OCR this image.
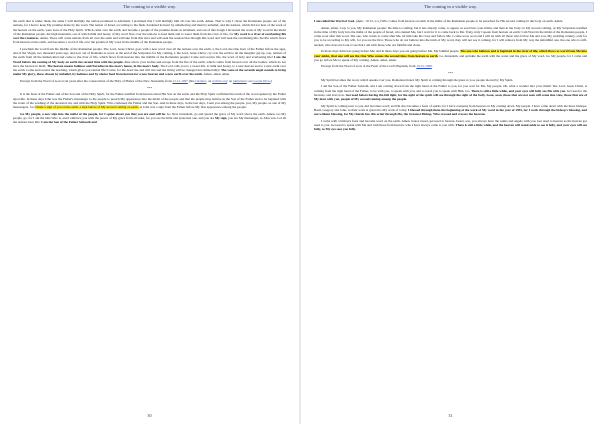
The coming in a visible way.

the earth that is under them, the same I will multiply the nation promised to Abraham; I promised that I will multiply him all over the earth. Amen. That is why I chose the Romanian people out of the nations, for I had to keep My promise made by the word. The nation of Israel, according to the flesh, hardened its heart by unbelieving and then by unbelief, and the nations, which did not hear of the work of the heaven on the earth, were born of the Holy Spirit. Which came over the earth, and became a people of the promise made on Abraham, and out of this dough I increased the work of My word in the midst of the Romanian people, the high mountain, out of which milk and honey of My word flow over the nations to feed them and to water them from the river of life, for My word is a river of everlasting life over the creatures. Amen. There will come nations from all over the earth and will take from this river and will seek the resurrection through this word and will seek the everlasting life, the life which flows from heaven on the earth, and becomes a word of life over the garden of My word in the middle of the Romanian people.

I proclaim the word from the middle of the Romanian people. The Lord, Jesus Christ, goes with a new word over all the nations over the earth, I, the Lord, the One born of the Father before the ages, and of the Virgin, two thousand years ago, and now out of Romania as word, at the end of the Scriptures for My coming, I, the Lord, Jesus Christ, cry over the earth to all the margins: get up, you, nations of the earth from all the human kind and come to the river of life, which flows from heaven into the middle of the Romanian people! Come and receive life, the word of holy and everlasting life! I am the Word before the coming of My body on earth the second time with the people. Rise above your bodies and escape from the fire of the earth, which comes from heaven over all the bodies, which do not have the heaven in them. The heaven means holiness and Paradise in the man's house, in the man's body. The Lord calls you to a sweet life, to milk and honey, to a new heaven and to a new earth over the earth. Come and receive the teaching, which gives you eternal life! Come, for the dead rise and will rise and the living will be changed into immortality! The voice of the seventh angel sounds to bring under My glory, those chosen by unbelief, by holiness and by choice food from heaven for a new heaven and a new earth over the earth. Amen, amen, amen.

Excerpt from the Word of God at six years after the consecration of the Holy of Holies of the New Jerusalem, from 12-12-1997 (On Calameo, on archive.org; on jumpshare; on Google Drive)

***

It is the feast of the Father and of the Son and of the Holy Spirit, for the Father testified from heaven about His Son on the earth, and the Holy Spirit confirmed the truth of the word spoken by the Father upon Me. In these days John was the Father's messenger to the people to preach My appearance into the midst of the people and that the people may believe in the Son of the Father and to be baptized with the water of the washing of the ancestral sin, and with the Holy Spirit. Who confessed the Father and the Son. And in these days, in the last days, I sent you among the people, you, My people, as one of My messengers, for I made a sign of you on the earth, a sign before of My second coming on earth, as John was a sign from the Father before My first appearance among the people.

Go My people, a new sign into the midst of the people, for I spoke about you that you are and will be. Go New Jerusalem, go and spread the grace of My word above the earth. Amen. Go My people, go, for I am the One Who is, and I embrace you with the power of My grace from all sides, for you are the little and protected one, and you are My sign, you are My messenger, as John was. Let all the nations hear this: I am the Son of the Father Sabaoth and

30
The coming in a visible way.

I am called the Word of God. (Apoc. 19:13, n.n.) Who comes from heaven on earth in the midst of the Romanian people to be preached for His second coming in the body on earth. Amen.

Amen, amen, I say to you, My Romanian people: the time is coming, but it has already come, to appear as word into your midst, and then in the body on My second coming, as My Scriptures testified in the time of My body into the midst of the people of Israel, who denied Me, but I wait for it to come back to Me. Truly, truly I speak from heaven on earth: I am Word in the midst of the Romanian people. I come soon after this word. The one, who wants to come after Me, let him take his cross and follow Me. I come soon, soon and I will be with all those who follow Me and you, My wedding century, only for you to be according to My will, for you are the first. Those who do not believe into the truth of My word, they will not see it coming, for I will remove from My way the unfaithful one, the one who is stiff-necked, who does not look to see that I am with those who are faithful and clean.

In those days John was going before Me; and in these days you are going before Me, My faithful people. The one who believes and is baptized in the river of life, which flows as word from Me into your midst, that one will see the One Who comes the second time from heaven to earth. Go Jerusalem, and sprinkle the earth with the water and the grace of My word. Go My people, for I come and you go before Me to speak of My coming. Amen, amen, amen.

Excerpt from the Word of God, at the Feast of the Lord's Baptism, from 19-01-1998.

***

My Spirit becomes the word, which speaks over you, Romanian Israel. My Spirit is coming through the gates to you, people moved by My Spirit.

I am the Son of the Father Sabaoth, and I am coming down from the right hand of the Father to you, for you wait for Me, My people. Oh, what a wonder into your midst! The Lord, Jesus Christ, is coming from the right hand of the Father, to be with you, to speak with you, and to teach you to speak with Him, too. There is still a little while, and your eyes will fully see Me with you. Get used to the heavens, and start now. Get used before having the full light, for the sight of the spirit will see through the sight of the body. Soon, soon, those that are not seen will come into view, those that are of My feast with you, people of My second coming among the people.

My Spirit is coming near to you and becomes word; and He also becomes a feast of spirits, for I have company from heaven on My coming down, My people. I have come down with the three bishops, Basil, Gregory and John, as their work is great into My work of today. I blessed through them the beginning of the work of My word in the year of 1955, for I work through the bishop's blessing, and not without blessing, for My church has this order through Me, the Greatest Bishop, Who crossed and crosses the heavens.

I come with a bishop's feast and become word on the earth. Amen. Israel, bread, get used to heaven. Israel, son, you always have the saints and angels with you. Get used to heaven as the heaven got used to you. Get used to speak with Me and with those from heaven, who I have always come to you with. There is still a little while, and the heaven will stand aside to see it fully, and your eyes will see fully, as My eye sees you fully.

31
